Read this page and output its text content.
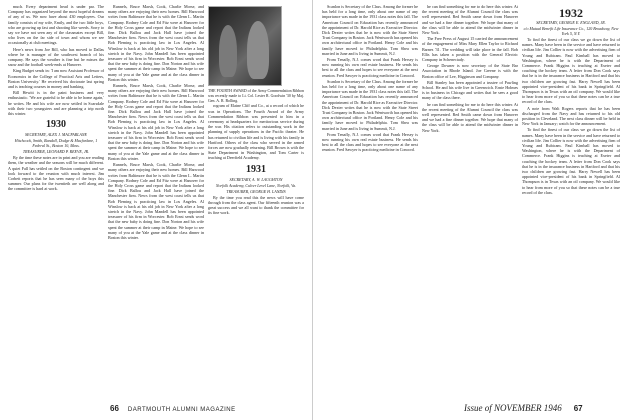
much. Every department head is under par. The Company has organized beyond the most hopeful dreams of any of us. We now have about 430 employees. Our family consists of my wife, Emily, and the two little boys, who are growing up fast and shooting like weeds. Sorry to say we have not seen any of the classmates except Bill, who lives on the far side of town and whom we see occasionally at club meetings.

Here's news from Joe Bill, who has moved to Dallas where he is manager of the southwest branch of his company. He says the weather is fine but he misses the snow and the football week-ends at Hanover.

King Budget sends in: 'I am now Assistant Professor of Economics in the College of Practical Arts and Letters, Boston University.' He received his doctorate last spring and is teaching courses in money and banking.

Bill Hewitt is in the paint business and very enthusiastic. 'We are grateful to be able to be home again,' he writes. He and his wife are now settled in Scarsdale with their two youngsters and are planning a trip north this winter.

1930
SECRETARY, ALEX J. MACFARLANE
Hitchcock, Smith, Randall, Dodge & Macfarlane, 1 Federal St., Boston 10, Mass.
TREASURER, LEONARD P. REEVE, JR.

By the time these notes are in print and you are reading them, the weather and the seasons will be much different. A quiet Fall has settled on the Boston contingent and we look forward to the reunion with much interest. Jim Corbett reports that he has seen many of the boys this summer. Our plans for the twentieth are well along and the committee is hard at work.

Runnels, Bruce Marsh, Cook, Charlie Morse, and many others are enjoying their new homes. Bill Harwood writes from Baltimore that he is with the Glenn L. Martin Company. Rodney Cole and Ed Fitz were at Hanover for the Holy Cross game and report that the Indians looked fine. Dick Ballou and Jack Hall have joined the Manchester firm. News from the west coast tells us that Bob Fleming is practicing law in Los Angeles. Al Winslow is back at his old job in New York after a long stretch in the Navy. John Mandell has been appointed treasurer of his firm in Worcester. Bob Ernst sends word that the new baby is doing fine. Don Norton and his wife spent the summer at their camp in Maine. We hope to see many of you at the Yale game and at the class dinner in Boston this winter.

Runnels, Bruce Marsh, Cook, Charlie Morse, and many others are enjoying their new homes. Bill Harwood writes from Baltimore that he is with the Glenn L. Martin Company. Rodney Cole and Ed Fitz were at Hanover for the Holy Cross game and report that the Indians looked fine. Dick Ballou and Jack Hall have joined the Manchester firm. News from the west coast tells us that Bob Fleming is practicing law in Los Angeles. Al Winslow is back at his old job in New York after a long stretch in the Navy. John Mandell has been appointed treasurer of his firm in Worcester. Bob Ernst sends word that the new baby is doing fine. Don Norton and his wife spent the summer at their camp in Maine. We hope to see many of you at the Yale game and at the class dinner in Boston this winter.

Runnels, Bruce Marsh, Cook, Charlie Morse, and many others are enjoying their new homes. Bill Harwood writes from Baltimore that he is with the Glenn L. Martin Company. Rodney Cole and Ed Fitz were at Hanover for the Holy Cross game and report that the Indians looked fine. Dick Ballou and Jack Hall have joined the Manchester firm. News from the west coast tells us that Bob Fleming is practicing law in Los Angeles. Al Winslow is back at his old job in New York after a long stretch in the Navy. John Mandell has been appointed treasurer of his firm in Worcester. Bob Ernst sends word that the new baby is doing fine. Don Norton and his wife spent the summer at their camp in Maine. We hope to see many of you at the Yale game and at the class dinner in Boston this winter.

THE FOURTH AWARD of the Army Commendation Ribbon was recently made to Lt. Col. Lester R. Goodwin '30 by Maj. Gen. A. R. Bolling.

rogram of Elaine Cliff and Co., at a record of which he was in Operations. The Fourth Award of the Army Commendation Ribbon was presented to him in a ceremony at headquarters for meritorious service during the war. His citation refers to outstanding work in the planning of supply operations in the Pacific theater. He has returned to civilian life and is living with his family in Hartford. Others of the class who served in the armed forces are now gradually returning. Bill Brown is with the State Department in Washington, and Tom Carter is teaching at Deerfield Academy.

1931
SECRETARY, A. W. LAUGHTON
Norfolk Academy, Culver Level Lane, Norfolk, Va.
TREASURER, GEORGE H. LANDIS

By the time you read this the news will have come through from the class agent. Our fifteenth reunion was a great success and we all want to thank the committee for its fine work.

66 DARTMOUTH ALUMNI MAGAZINE

Scanlon is Secretary of the Class. Among the former he has held for a long time, only about one name of any importance was made in the 1931 class notes this fall. The American Council on Education has recently announced the appointment of Dr. Harold Rice as Executive Director. Dick Dexter writes that he is now with the State Street Trust Company in Boston. Jack Wentworth has opened his own architectural office in Portland. Henry Cole and his family have moved to Philadelphia. Tom Shea was married in June and is living in Summit, N.J.

From Tenafly, N.J. comes word that Frank Hersey is now running his own real estate business. He sends his best to all the class and hopes to see everyone at the next reunion. Fred Sawyer is practicing medicine in Concord.

Scanlon is Secretary of the Class. Among the former he has held for a long time, only about one name of any importance was made in the 1931 class notes this fall. The American Council on Education has recently announced the appointment of Dr. Harold Rice as Executive Director. Dick Dexter writes that he is now with the State Street Trust Company in Boston. Jack Wentworth has opened his own architectural office in Portland. Henry Cole and his family have moved to Philadelphia. Tom Shea was married in June and is living in Summit, N.J.

From Tenafly, N.J. comes word that Frank Hersey is now running his own real estate business. He sends his best to all the class and hopes to see everyone at the next reunion. Fred Sawyer is practicing medicine in Concord.

he can find something for me to do here this winter. At the recent meeting of the Alumni Council the class was well represented. Red Smith came down from Hanover and we had a fine dinner together. We hope that many of the class will be able to attend the midwinter dinner in New York.

The Free Press of August 15 carried the announcement of the engagement of Miss Mary Ellen Taylor to Richard Barnes '31. The wedding will take place in the fall. Bob Ellis has taken a position with the General Electric Company in Schenectady.

George Downer is now secretary of the State Bar Association in Rhode Island. Joe Greene is with the Boston office of Lee, Higginson and Company.

Bill Stanley has been appointed a trustee of Pawling School. He and his wife live in Greenwich. Ernie Holmes is in business in Chicago and writes that he sees a good many of the class there.

he can find something for me to do here this winter. At the recent meeting of the Alumni Council the class was well represented. Red Smith came down from Hanover and we had a fine dinner together. We hope that many of the class will be able to attend the midwinter dinner in New York.

1932
SECRETARY, GEORGE E. ENGLAND, JR.
c/o Mutual Benefit Life Insurance Co., 120 Broadway, New York 5, N.Y.

To find the finest of our class we go down the list of names. Many have been in the service and have returned to civilian life. Jim Collier is now with the advertising firm of Young and Rubicam. Paul Kimball has moved to Washington, where he is with the Department of Commerce. Frank Higgins is teaching at Exeter and coaching the hockey team. A letter from Don Cook says that he is in the insurance business in Hartford and that his two children are growing fast. Harry Newell has been appointed vice-president of his bank in Springfield. Al Thompson is in Texas with an oil company. We would like to hear from more of you so that these notes can be a true record of the class.

A note from Walt Rogers reports that he has been discharged from the Navy and has returned to his old position in Cleveland. The next class dinner will be held in New York in January; watch for the announcement.

To find the finest of our class we go down the list of names. Many have been in the service and have returned to civilian life. Jim Collier is now with the advertising firm of Young and Rubicam. Paul Kimball has moved to Washington, where he is with the Department of Commerce. Frank Higgins is teaching at Exeter and coaching the hockey team. A letter from Don Cook says that he is in the insurance business in Hartford and that his two children are growing fast. Harry Newell has been appointed vice-president of his bank in Springfield. Al Thompson is in Texas with an oil company. We would like to hear from more of you so that these notes can be a true record of the class.

Issue of NOVEMBER 1946 67
